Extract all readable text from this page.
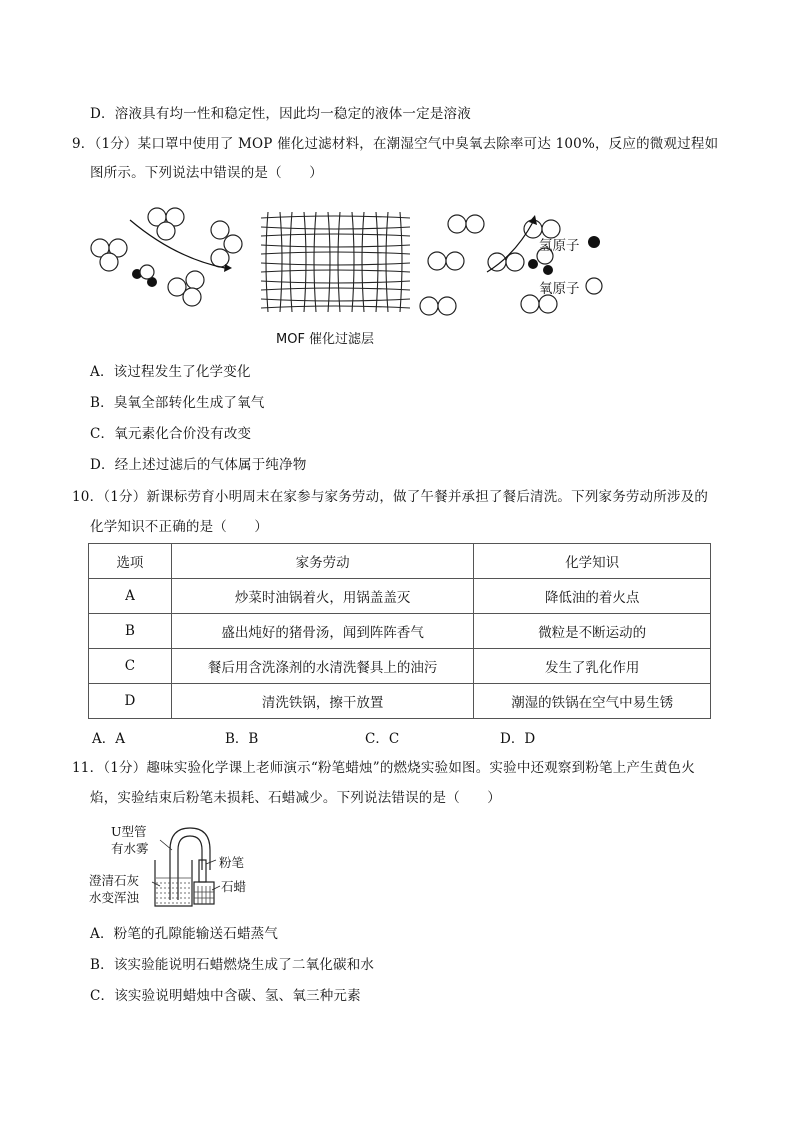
D．溶液具有均一性和稳定性，因此均一稳定的液体一定是溶液
9．（1分）某口罩中使用了 MOP 催化过滤材料，在潮湿空气中臭氧去除率可达 100%，反应的微观过程如
图所示。下列说法中错误的是（　　）
氢原子
氧原子
MOF 催化过滤层
A．该过程发生了化学变化
B．臭氧全部转化生成了氧气
C．氧元素化合价没有改变
D．经上述过滤后的气体属于纯净物
10．（1分）新课标劳育小明周末在家参与家务劳动，做了午餐并承担了餐后清洗。下列家务劳动所涉及的
化学知识不正确的是（　　）
选项	家务劳动	化学知识
A	炒菜时油锅着火，用锅盖盖灭	降低油的着火点
B	盛出炖好的猪骨汤，闻到阵阵香气	微粒是不断运动的
C	餐后用含洗涤剂的水清洗餐具上的油污	发生了乳化作用
D	清洗铁锅，擦干放置	潮湿的铁锅在空气中易生锈
A．A	B．B	C．C	D．D
11．（1分）趣味实验化学课上老师演示“粉笔蜡烛”的燃烧实验如图。实验中还观察到粉笔上产生黄色火
焰，实验结束后粉笔未损耗、石蜡减少。下列说法错误的是（　　）
U型管
有水雾
粉笔
澄清石灰
水变浑浊
石蜡
A．粉笔的孔隙能输送石蜡蒸气
B．该实验能说明石蜡燃烧生成了二氧化碳和水
C．该实验说明蜡烛中含碳、氢、氧三种元素
